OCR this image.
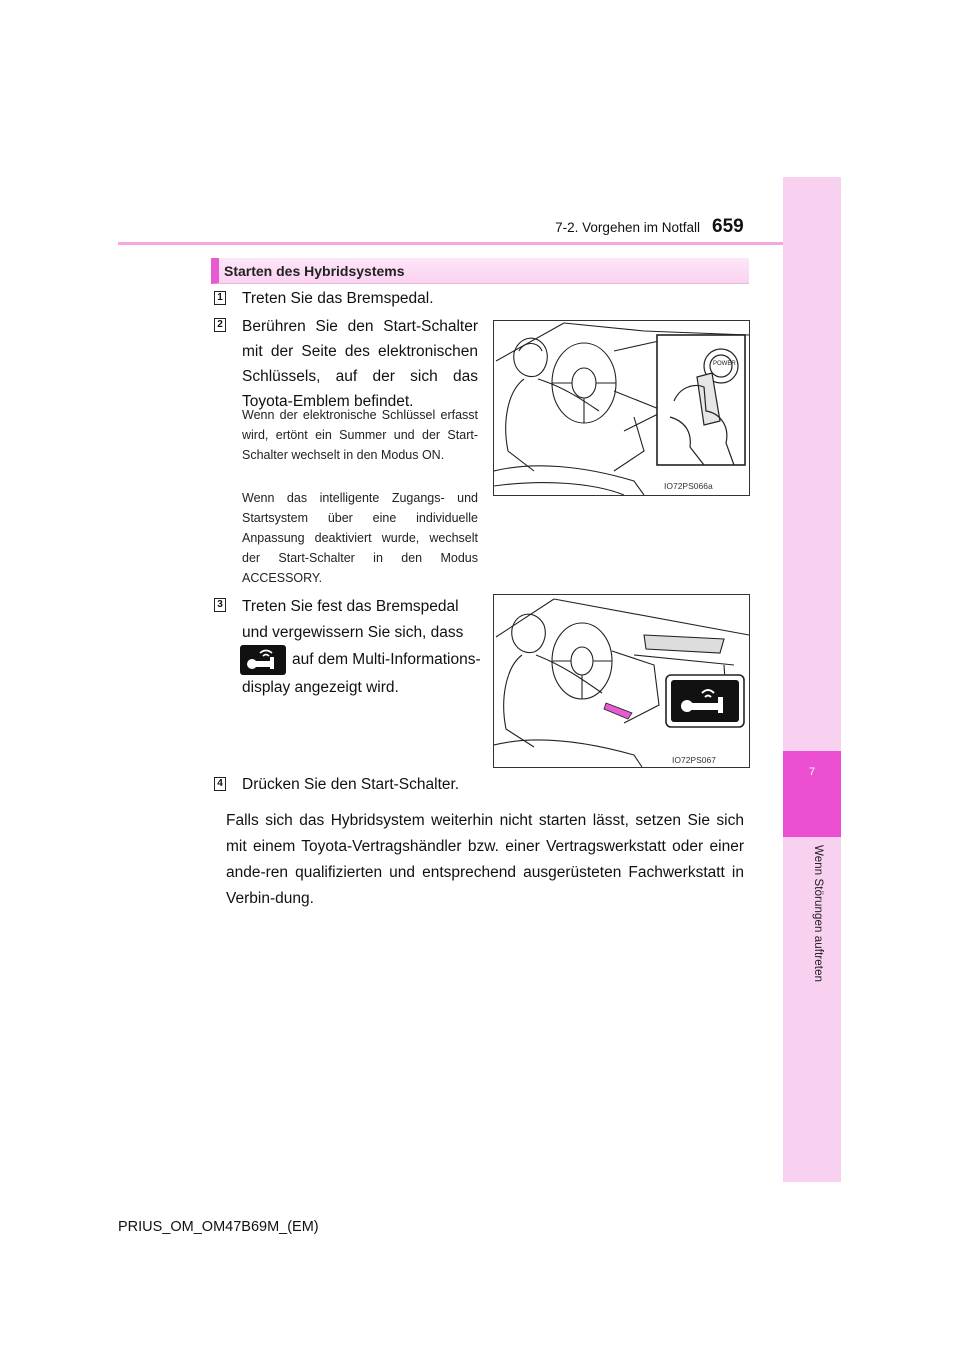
7
Wenn Störungen auftreten
7-2. Vorgehen im Notfall 659
Starten des Hybridsystems
1 Treten Sie das Bremspedal.
2 Berühren Sie den Start-Schalter mit der Seite des elektronischen Schlüssels, auf der sich das Toyota-Emblem befindet.
Wenn der elektronische Schlüssel erfasst wird, ertönt ein Summer und der Start-Schalter wechselt in den Modus ON.
Wenn das intelligente Zugangs- und Startsystem über eine individuelle Anpassung deaktiviert wurde, wechselt der Start-Schalter in den Modus ACCESSORY.
POWER
IO72PS066a
3 Treten Sie fest das Bremspedal
und vergewissern Sie sich, dass
auf dem Multi-Informations-
display angezeigt wird.
IO72PS067
4 Drücken Sie den Start-Schalter.
Falls sich das Hybridsystem weiterhin nicht starten lässt, setzen Sie sich mit einem Toyota-Vertragshändler bzw. einer Vertragswerkstatt oder einer ande-ren qualifizierten und entsprechend ausgerüsteten Fachwerkstatt in Verbin-dung.
PRIUS_OM_OM47B69M_(EM)
